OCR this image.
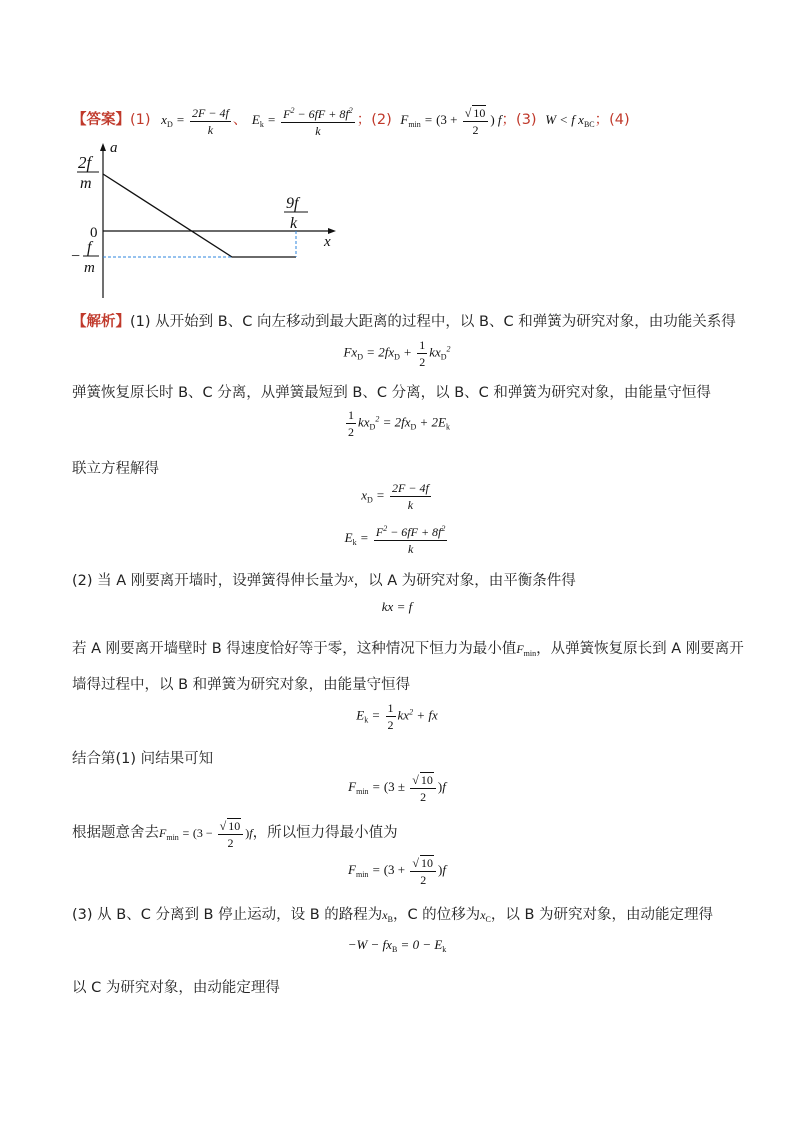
【答案】(1) $x_D = \frac{2F - 4f}{k}$ 、 $E_k = \frac{F^2 - 6fF + 8f^2}{k}$ ；(2) $F_{min} = (3 + \frac{√ 10}{2}$ ) f；(3) W < f $x_{BC}$；(4)
a
x
0
2f
m
−
f
m
9f
k
【解析】(1) 从开始到 B、C 向左移动到最大距离的过程中，以 B、C 和弹簧为研究对象，由功能关系得
$Fx_D = 2fx_D + \frac{1}{2} kx_D^2$
弹簧恢复原长时 B、C 分离，从弹簧最短到 B、C 分离，以 B、C 和弹簧为研究对象，由能量守恒得
$\frac{1}{2} kx_D^2 = 2fx_D + 2E_k$
联立方程解得
$x_D = \frac{2F - 4f}{k}$
$E_k = \frac{F^2 - 6fF + 8f^2}{k}$
(2) 当 A 刚要离开墙时，设弹簧得伸长量为$^x$，以 A 为研究对象，由平衡条件得
kx = f
若 A 刚要离开墙壁时 B 得速度恰好等于零，这种情况下恒力为最小值$F_{min}$，从弹簧恢复原长到 A 刚要离开
墙得过程中，以 B 和弹簧为研究对象，由能量守恒得
$E_k = \frac{1}{2} kx^2$ + fx
结合第(1) 问结果可知
$F_{min} = (3 \pm \frac{√ 10}{2} )f$
根据题意舍去$F_{min} = (3 - \frac{√ 10}{2} )f$，所以恒力得最小值为
$F_{min} = (3 + \frac{√ 10}{2} )f$
(3) 从 B、C 分离到 B 停止运动，设 B 的路程为$x_B$，C 的位移为$x_C$，以 B 为研究对象，由动能定理得
$-W - fx_B = 0 - E_k$
以 C 为研究对象，由动能定理得
